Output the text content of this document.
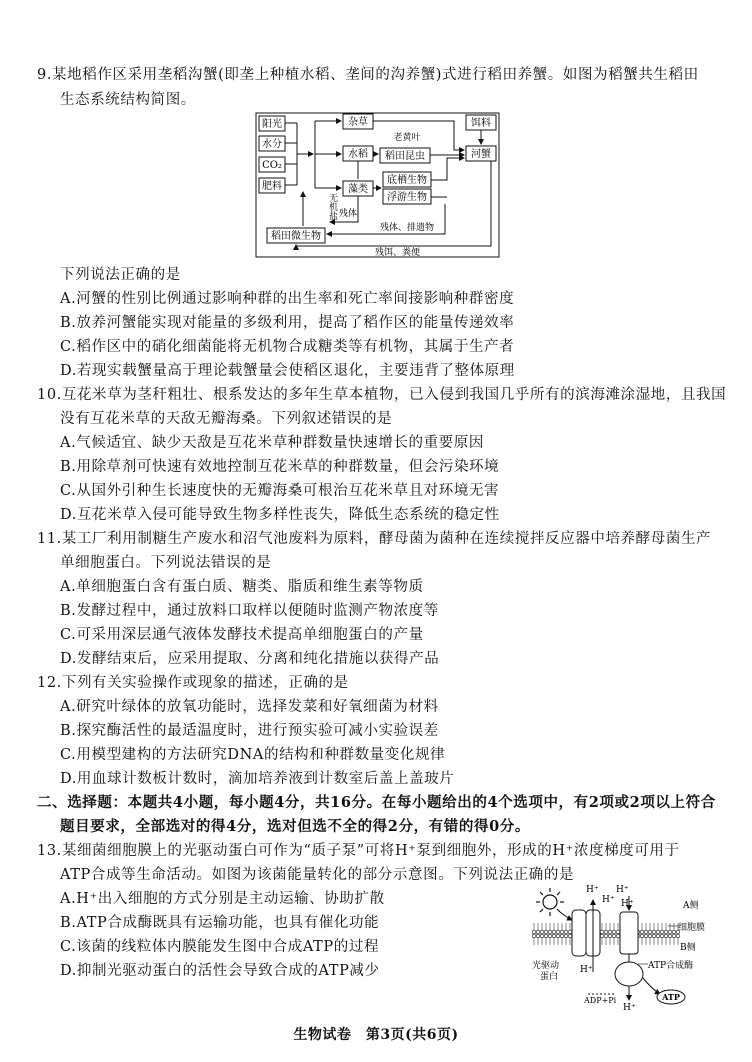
9.某地稻作区采用垄稻沟蟹(即垄上种植水稻、垄间的沟养蟹)式进行稻田养蟹。如图为稻蟹共生稻田
生态系统结构简图。
阳光
水分
CO₂
肥料
杂草
水稻
藻类
老黄叶
稻田昆虫
底栖生物
浮游生物
饵料
河蟹
稻田微生物
无机盐
残体
残体、排遗物
残饵、粪便
下列说法正确的是
A.河蟹的性别比例通过影响种群的出生率和死亡率间接影响种群密度
B.放养河蟹能实现对能量的多级利用，提高了稻作区的能量传递效率
C.稻作区中的硝化细菌能将无机物合成糖类等有机物，其属于生产者
D.若现实载蟹量高于理论载蟹量会使稻区退化，主要违背了整体原理
10.互花米草为茎秆粗壮、根系发达的多年生草本植物，已入侵到我国几乎所有的滨海滩涂湿地，且我国
没有互花米草的天敌无瓣海桑。下列叙述错误的是
A.气候适宜、缺少天敌是互花米草种群数量快速增长的重要原因
B.用除草剂可快速有效地控制互花米草的种群数量，但会污染环境
C.从国外引种生长速度快的无瓣海桑可根治互花米草且对环境无害
D.互花米草入侵可能导致生物多样性丧失，降低生态系统的稳定性
11.某工厂利用制糖生产废水和沼气池废料为原料，酵母菌为菌种在连续搅拌反应器中培养酵母菌生产
单细胞蛋白。下列说法错误的是
A.单细胞蛋白含有蛋白质、糖类、脂质和维生素等物质
B.发酵过程中，通过放料口取样以便随时监测产物浓度等
C.可采用深层通气液体发酵技术提高单细胞蛋白的产量
D.发酵结束后，应采用提取、分离和纯化措施以获得产品
12.下列有关实验操作或现象的描述，正确的是
A.研究叶绿体的放氧功能时，选择发菜和好氧细菌为材料
B.探究酶活性的最适温度时，进行预实验可减小实验误差
C.用模型建构的方法研究DNA的结构和种群数量变化规律
D.用血球计数板计数时，滴加培养液到计数室后盖上盖玻片
二、选择题：本题共4小题，每小题4分，共16分。在每小题给出的4个选项中，有2项或2项以上符合
题目要求，全部选对的得4分，选对但选不全的得2分，有错的得0分。
13.某细菌细胞膜上的光驱动蛋白可作为“质子泵”可将H⁺泵到细胞外，形成的H⁺浓度梯度可用于
ATP合成等生命活动。如图为该菌能量转化的部分示意图。下列说法正确的是
A.H⁺出入细胞的方式分别是主动运输、协助扩散
B.ATP合成酶既具有运输功能，也具有催化功能
C.该菌的线粒体内膜能发生图中合成ATP的过程
D.抑制光驱动蛋白的活性会导致合成的ATP减少
H⁺ H⁺
H⁺ H⁺
H⁺
H⁺
ADP+Pi	ATP
A侧
细胞膜
B侧
ATP合成酶
光驱动
蛋白
生物试卷　第3页(共6页)
